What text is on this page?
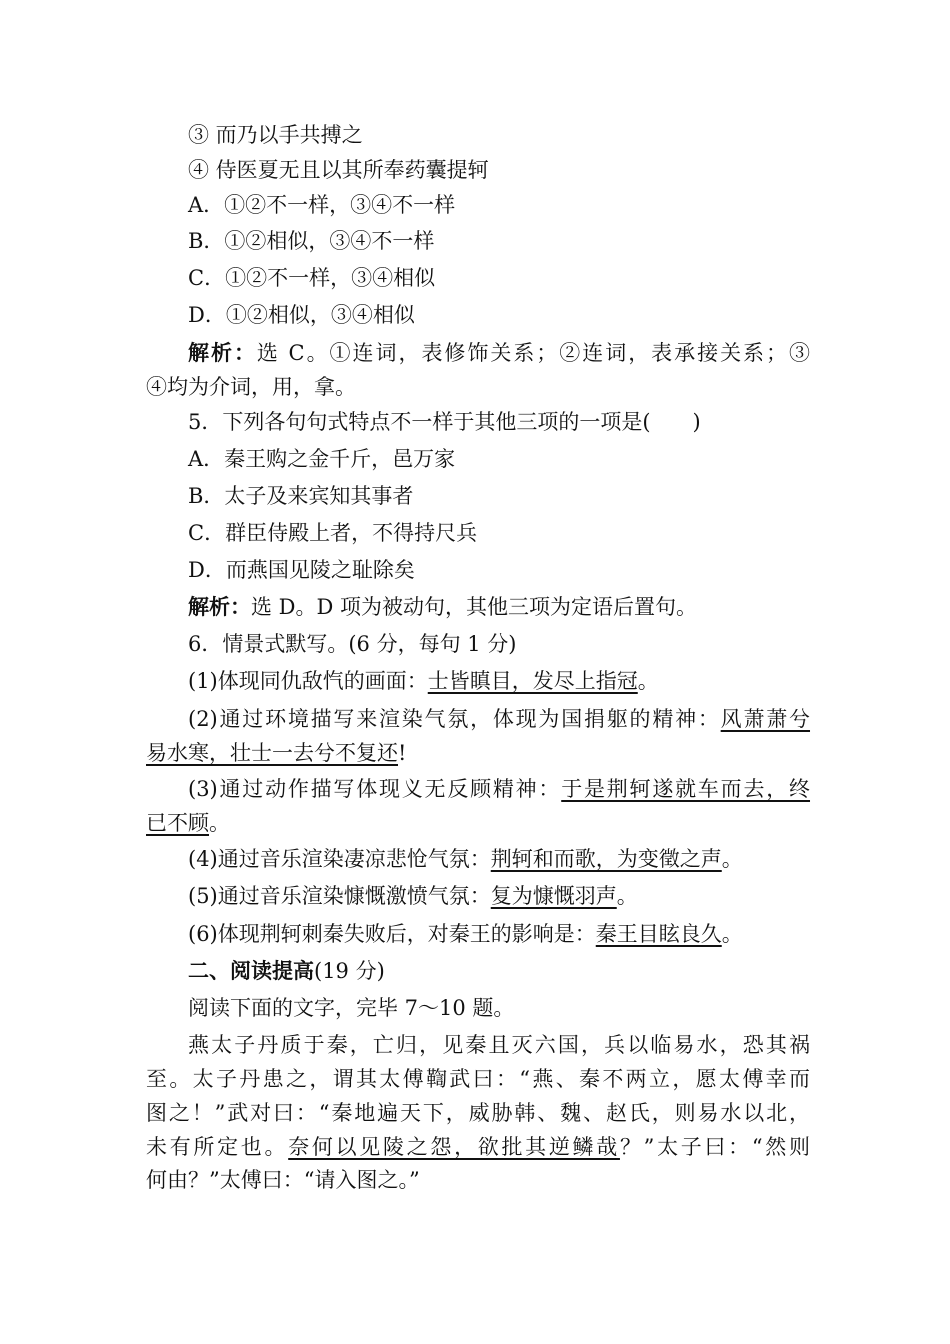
③ 而乃以手共搏之
④ 侍医夏无且以其所奉药囊提轲
A．①②不一样，③④不一样
B．①②相似，③④不一样
C．①②不一样，③④相似
D．①②相似，③④相似
解析：选 C。①连词，表修饰关系；②连词，表承接关系；③
④均为介词，用，拿。
5．下列各句句式特点不一样于其他三项的一项是(　　)
A．秦王购之金千斤，邑万家
B．太子及来宾知其事者
C．群臣侍殿上者，不得持尺兵
D．而燕国见陵之耻除矣
解析：选 D。D 项为被动句，其他三项为定语后置句。
6．情景式默写。(6 分，每句 1 分)
(1)体现同仇敌忾的画面：士皆瞋目，发尽上指冠。
(2)通过环境描写来渲染气氛，体现为国捐躯的精神：风萧萧兮
易水寒，壮士一去兮不复还!
(3)通过动作描写体现义无反顾精神：于是荆轲遂就车而去，终
已不顾。
(4)通过音乐渲染凄凉悲怆气氛：荆轲和而歌，为变徵之声。
(5)通过音乐渲染慷慨激愤气氛：复为慷慨羽声。
(6)体现荆轲刺秦失败后，对秦王的影响是：秦王目眩良久。
二、阅读提高(19 分)
阅读下面的文字，完毕 7～10 题。
燕太子丹质于秦，亡归，见秦且灭六国，兵以临易水，恐其祸
至。太子丹患之，谓其太傅鞫武曰：“燕、秦不两立，愿太傅幸而
图之！”武对曰：“秦地遍天下，威胁韩、魏、赵氏，则易水以北，
未有所定也。奈何以见陵之怨，欲批其逆鳞哉？”太子曰：“然则
何由？”太傅曰：“请入图之。”
